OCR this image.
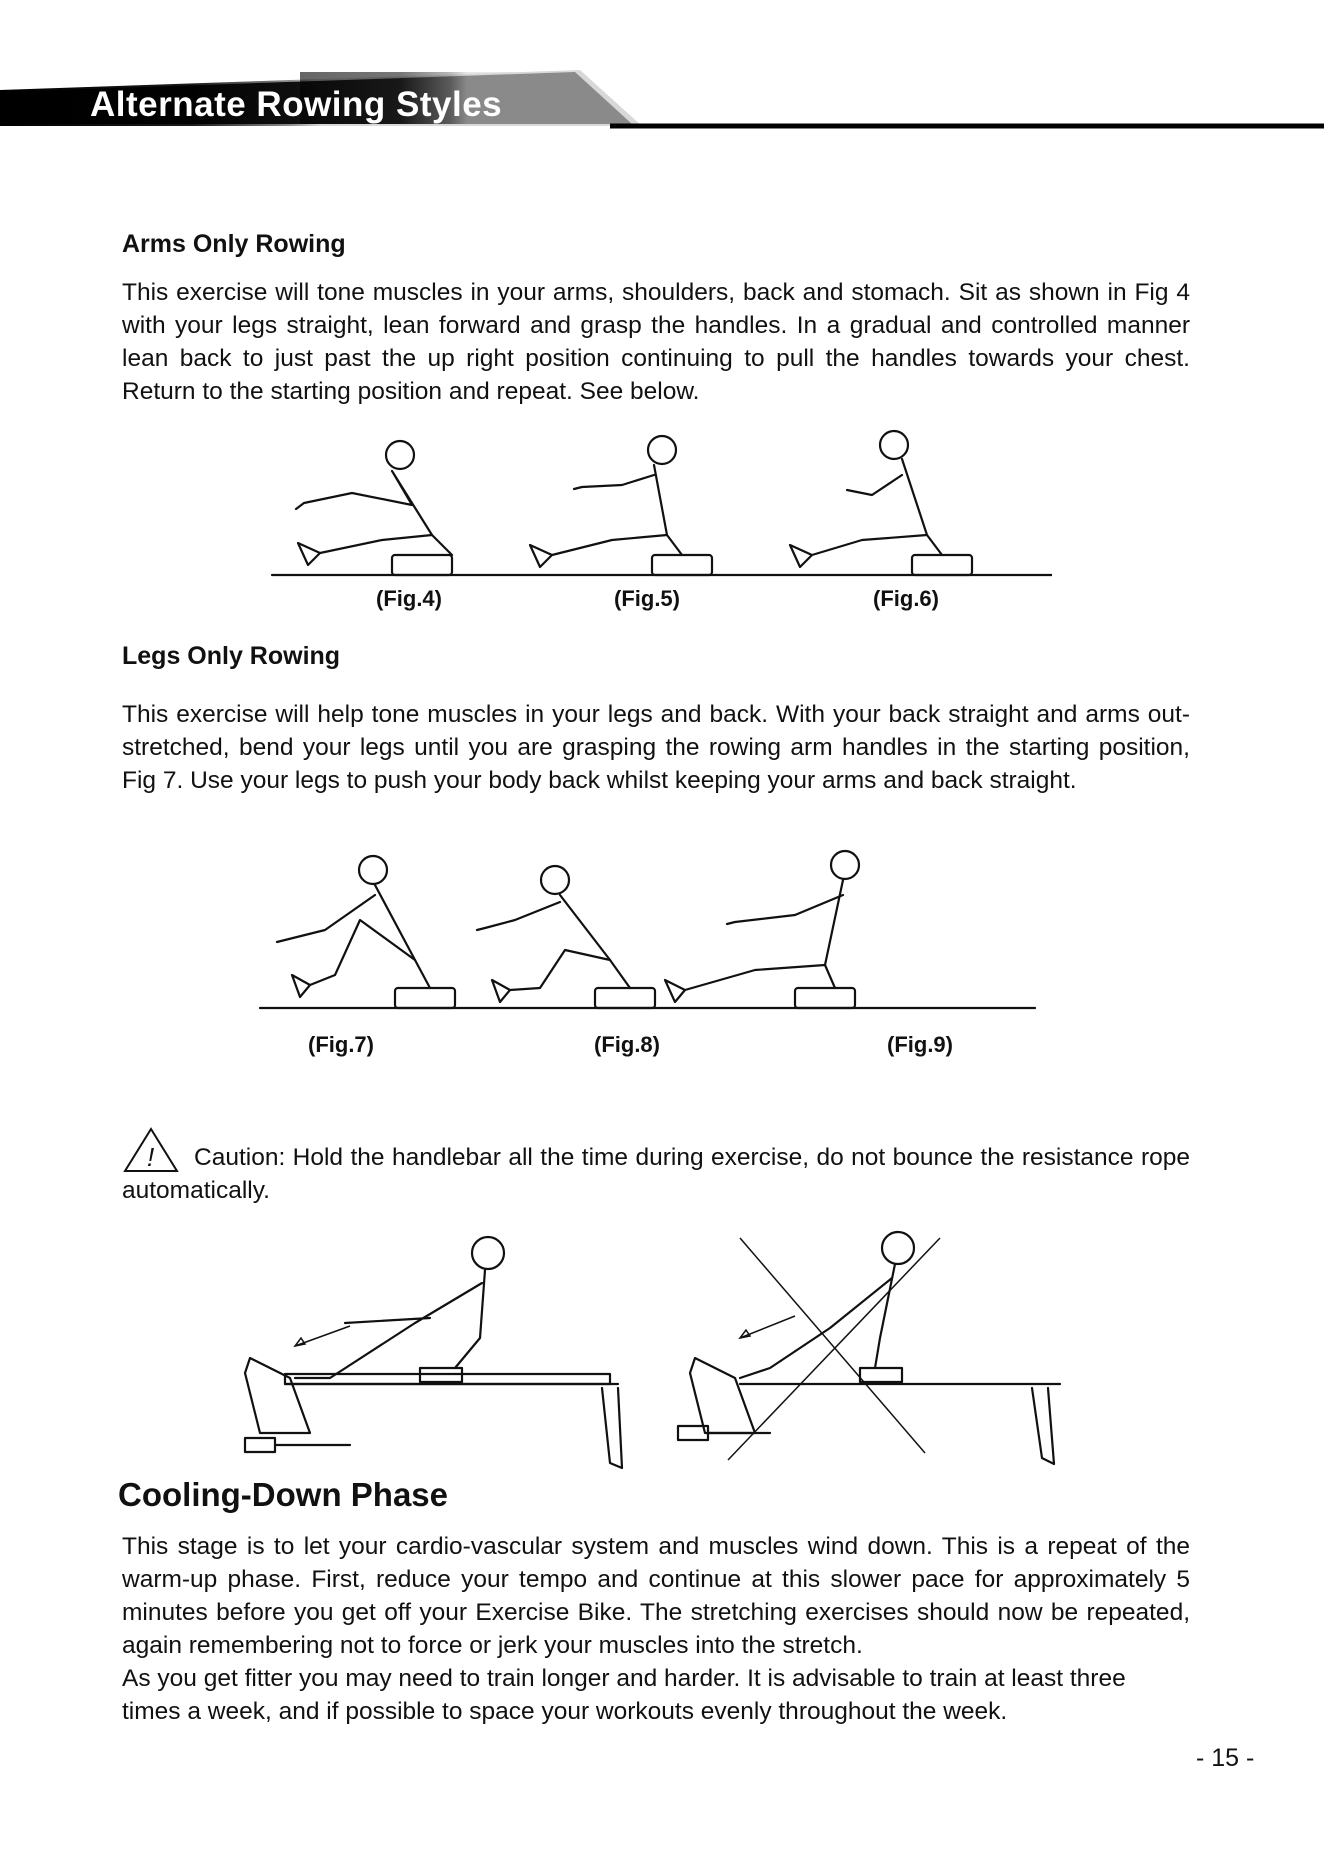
Alternate Rowing Styles
Arms Only Rowing

This exercise will tone muscles in your arms, shoulders, back and stomach. Sit as shown in Fig 4 with your legs straight, lean forward and grasp the handles. In a gradual and controlled manner lean back to just past the up right position continuing to pull the handles towards your chest. Return to the starting position and repeat. See below.

(Fig.4)	(Fig.5)	(Fig.6)
Legs Only Rowing

This exercise will help tone muscles in your legs and back. With your back straight and arms out-stretched, bend your legs until you are grasping the rowing arm handles in the starting position, Fig 7. Use your legs to push your body back whilst keeping your arms and back straight.

(Fig.7)	(Fig.8)	(Fig.9)
!	Caution: Hold the handlebar all the time during exercise, do not bounce the resistance rope automatically.

Cooling-Down Phase

This stage is to let your cardio-vascular system and muscles wind down. This is a repeat of the warm-up phase. First, reduce your tempo and continue at this slower pace for approximately 5 minutes before you get off your Exercise Bike. The stretching exercises should now be repeated, again remembering not to force or jerk your muscles into the stretch.

As you get fitter you may need to train longer and harder. It is advisable to train at least three times a week, and if possible to space your workouts evenly throughout the week.

- 15 -
